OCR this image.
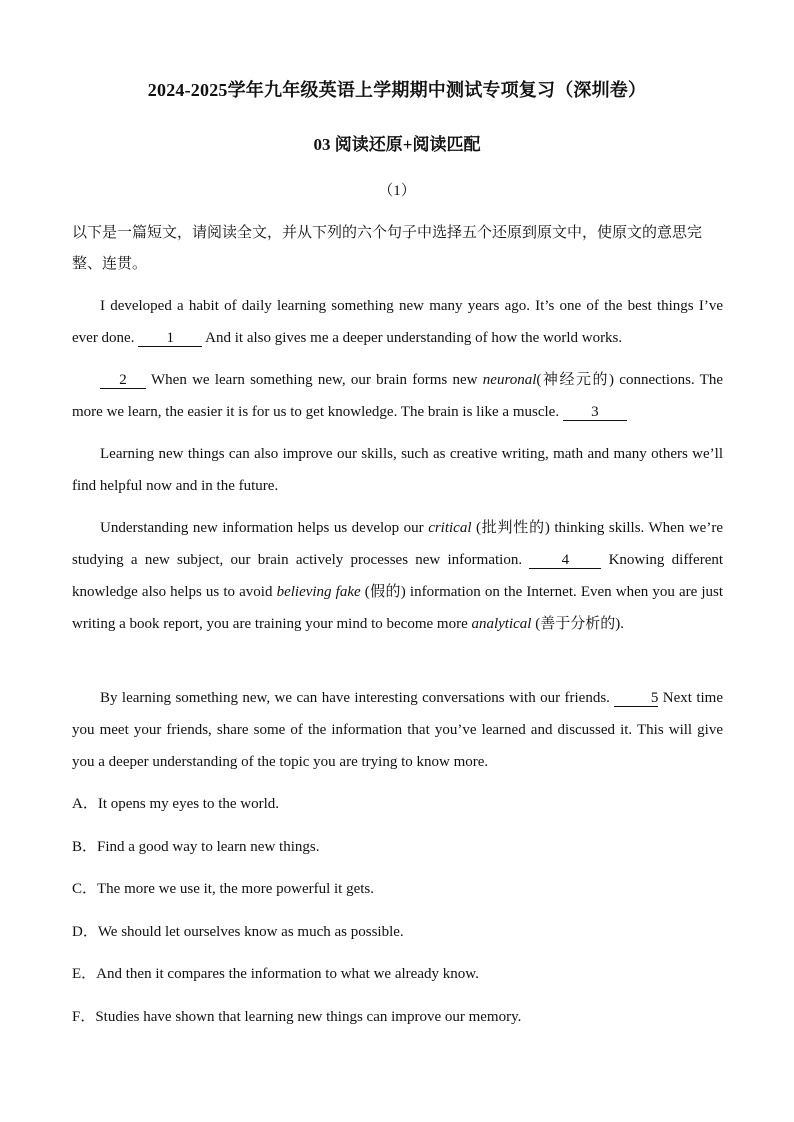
2024-2025学年九年级英语上学期期中测试专项复习（深圳卷）
03 阅读还原+阅读匹配
（1）
以下是一篇短文，请阅读全文，并从下列的六个句子中选择五个还原到原文中，使原文的意思完整、连贯。
I developed a habit of daily learning something new many years ago. It’s one of the best things I’ve ever done. 1 And it also gives me a deeper understanding of how the world works.
2 When we learn something new, our brain forms new neuronal(神经元的) connections. The more we learn, the easier it is for us to get knowledge. The brain is like a muscle. 3
Learning new things can also improve our skills, such as creative writing, math and many others we’ll find helpful now and in the future.
Understanding new information helps us develop our critical (批判性的) thinking skills. When we’re studying a new subject, our brain actively processes new information.	4	Knowing different knowledge also helps us to avoid believing fake (假的) information on the Internet. Even when you are just writing a book report, you are training your mind to become more analytical (善于分析的).
By learning something new, we can have interesting conversations with our friends.	5 Next time you meet your friends, share some of the information that you’ve learned and discussed it. This will give you a deeper understanding of the topic you are trying to know more.
A．It opens my eyes to the world.
B．Find a good way to learn new things.
C．The more we use it, the more powerful it gets.
D．We should let ourselves know as much as possible.
E．And then it compares the information to what we already know.
F．Studies have shown that learning new things can improve our memory.
